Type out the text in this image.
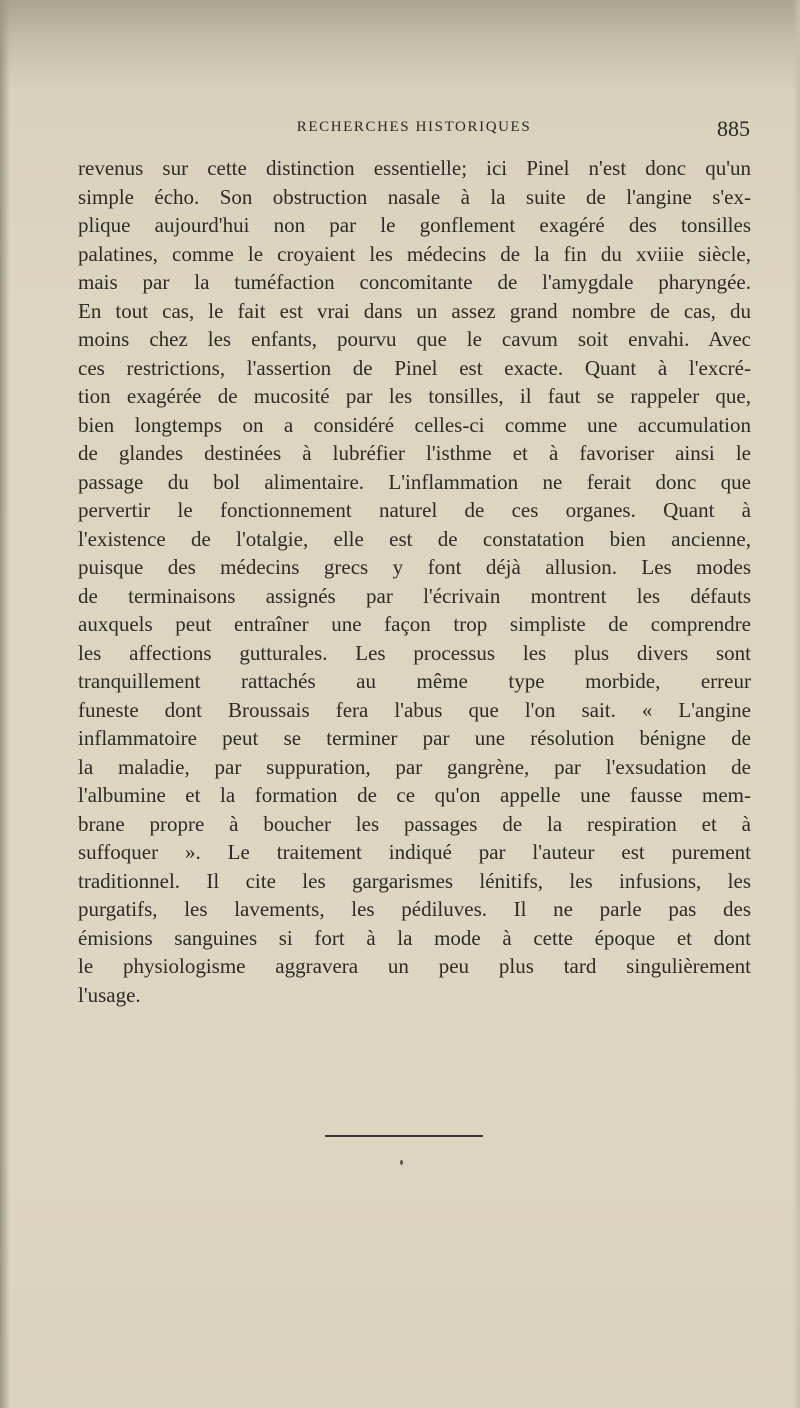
RECHERCHES HISTORIQUES	885
revenus sur cette distinction essentielle; ici Pinel n'est donc qu'un
simple écho. Son obstruction nasale à la suite de l'angine s'ex-
plique aujourd'hui non par le gonflement exagéré des tonsilles
palatines, comme le croyaient les médecins de la fin du xviiie siècle,
mais par la tuméfaction concomitante de l'amygdale pharyngée.
En tout cas, le fait est vrai dans un assez grand nombre de cas, du
moins chez les enfants, pourvu que le cavum soit envahi. Avec
ces restrictions, l'assertion de Pinel est exacte. Quant à l'excré-
tion exagérée de mucosité par les tonsilles, il faut se rappeler que,
bien longtemps on a considéré celles-ci comme une accumulation
de glandes destinées à lubréfier l'isthme et à favoriser ainsi le
passage du bol alimentaire. L'inflammation ne ferait donc que
pervertir le fonctionnement naturel de ces organes. Quant à
l'existence de l'otalgie, elle est de constatation bien ancienne,
puisque des médecins grecs y font déjà allusion. Les modes
de terminaisons assignés par l'écrivain montrent les défauts
auxquels peut entraîner une façon trop simpliste de comprendre
les affections gutturales. Les processus les plus divers sont
tranquillement rattachés au même type morbide, erreur
funeste dont Broussais fera l'abus que l'on sait. « L'angine
inflammatoire peut se terminer par une résolution bénigne de
la maladie, par suppuration, par gangrène, par l'exsudation de
l'albumine et la formation de ce qu'on appelle une fausse mem-
brane propre à boucher les passages de la respiration et à
suffoquer ». Le traitement indiqué par l'auteur est purement
traditionnel. Il cite les gargarismes lénitifs, les infusions, les
purgatifs, les lavements, les pédiluves. Il ne parle pas des
émisions sanguines si fort à la mode à cette époque et dont
le physiologisme aggravera un peu plus tard singulièrement
l'usage.
